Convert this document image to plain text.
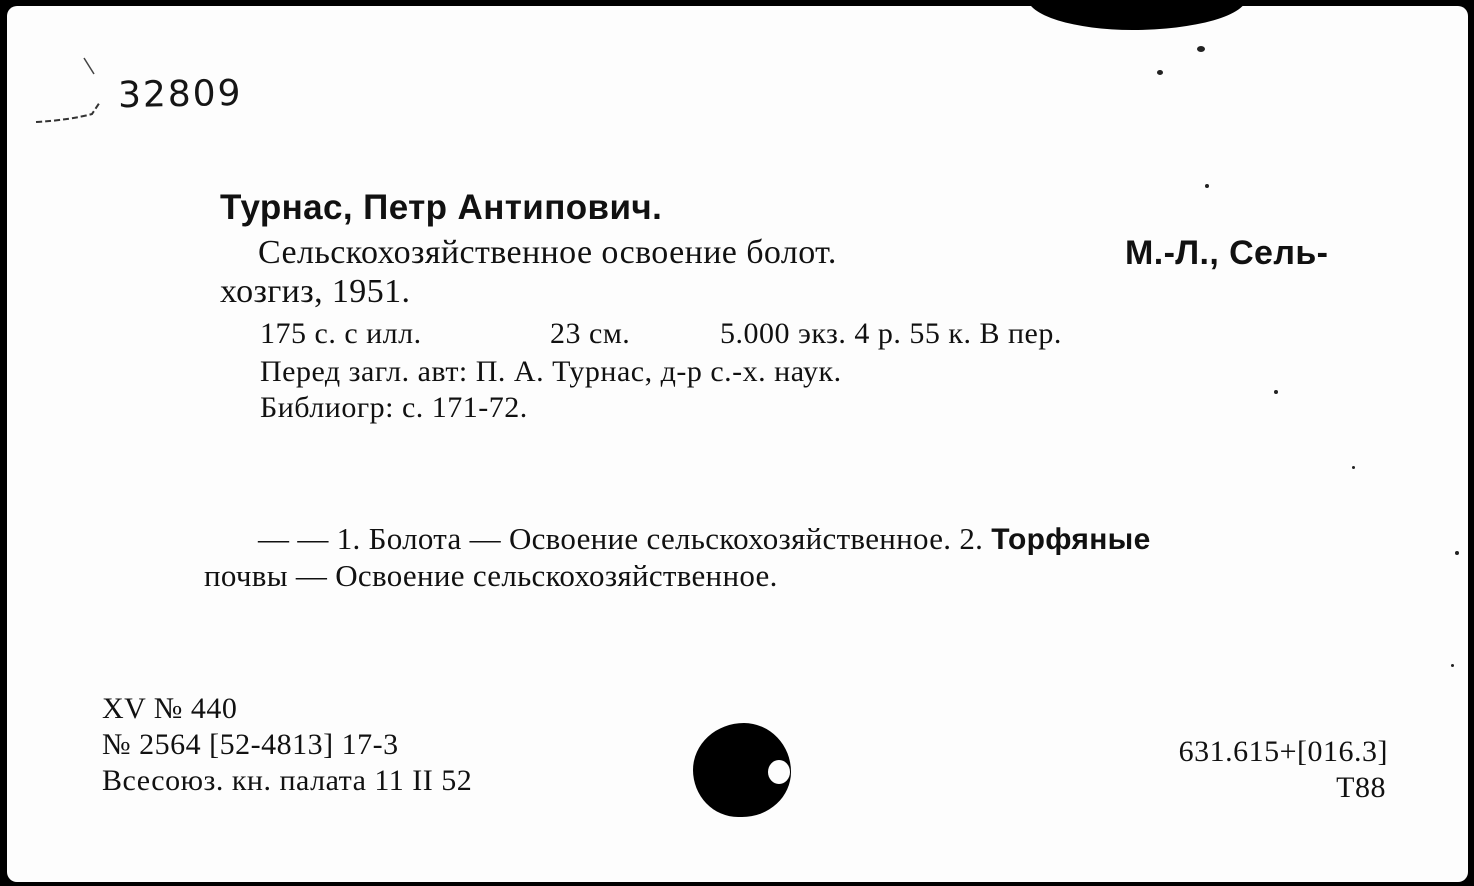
32809
Турнас, Петр Антипович.
Сельскохозяйственное освоение болот.	М.-Л., Сель-
хозгиз, 1951.
175 с. с илл.	23 см.	5.000 экз. 4 р. 55 к. В пер.
Перед загл. авт: П. А. Турнас, д-р с.-х. наук.
Библиогр: с. 171-72.
— — 1. Болота — Освоение сельскохозяйственное. 2. Торфяные
почвы — Освоение сельскохозяйственное.
XV № 440
№ 2564 [52-4813] 17-3
Всесоюз. кн. палата 11 II 52
631.615+[016.3]
Т88
